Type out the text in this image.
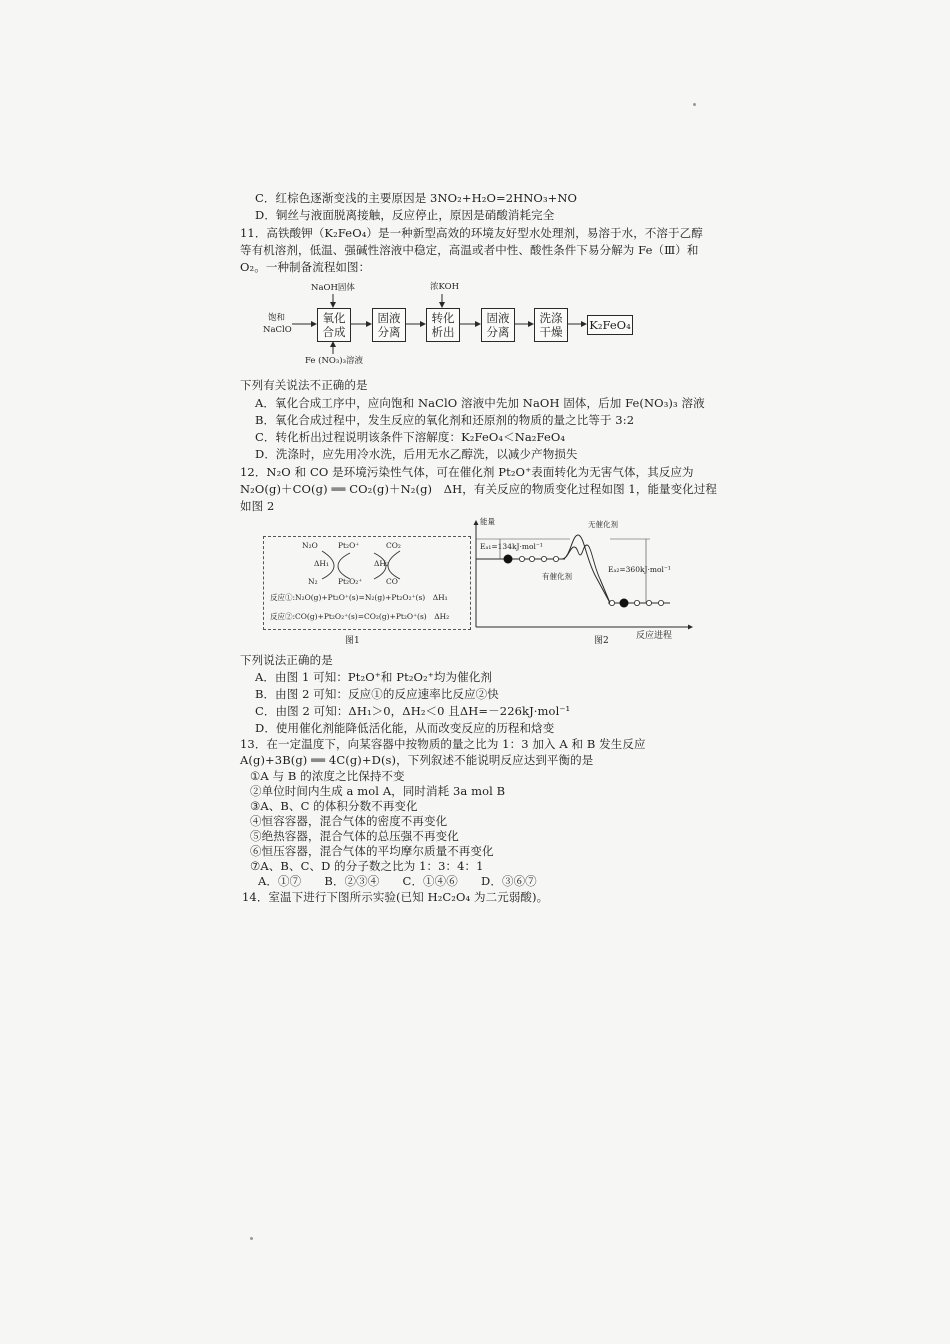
C．红棕色逐渐变浅的主要原因是 3NO₂+H₂O=2HNO₃+NO
D．铜丝与液面脱离接触，反应停止，原因是硝酸消耗完全
11．高铁酸钾（K₂FeO₄）是一种新型高效的环境友好型水处理剂，易溶于水，不溶于乙醇
等有机溶剂，低温、强碱性溶液中稳定，高温或者中性、酸性条件下易分解为 Fe（Ⅲ）和
O₂。一种制备流程如图：
饱和
NaClO
NaOH固体	浓KOH
Fe (NO₃)₃溶液
氧化
合成
固液
分离
转化
析出
固液
分离
洗涤
干燥 K₂FeO₄
下列有关说法不正确的是
A．氧化合成工序中，应向饱和 NaClO 溶液中先加 NaOH 固体，后加 Fe(NO₃)₃ 溶液
B．氧化合成过程中，发生反应的氧化剂和还原剂的物质的量之比等于 3:2
C．转化析出过程说明该条件下溶解度：K₂FeO₄＜Na₂FeO₄
D．洗涤时，应先用冷水洗，后用无水乙醇洗，以减少产物损失
12．N₂O 和 CO 是环境污染性气体，可在催化剂 Pt₂O⁺表面转化为无害气体，其反应为
N₂O(g)＋CO(g) ══ CO₂(g)＋N₂(g)　ΔH，有关反应的物质变化过程如图 1，能量变化过程
如图 2
N₂O	Pt₂O⁺	CO₂
ΔH₁	ΔH₂
N₂	Pt₂O₂⁺	CO
反应①:N₂O(g)+Pt₂O⁺(s)=N₂(g)+Pt₂O₂⁺(s)　ΔH₁
反应②:CO(g)+Pt₂O₂⁺(s)=CO₂(g)+Pt₂O⁺(s)　ΔH₂
图1
能量	无催化剂
Eₐ₁=134kJ·mol⁻¹
有催化剂
Eₐ₂=360kJ·mol⁻¹
图2	反应进程
下列说法正确的是
A．由图 1 可知：Pt₂O⁺和 Pt₂O₂⁺均为催化剂
B．由图 2 可知：反应①的反应速率比反应②快
C．由图 2 可知：ΔH₁＞0，ΔH₂＜0 且ΔH=－226kJ·mol⁻¹
D．使用催化剂能降低活化能，从而改变反应的历程和焓变
13．在一定温度下，向某容器中按物质的量之比为 1：3 加入 A 和 B 发生反应
A(g)+3B(g) ══ 4C(g)+D(s)，下列叙述不能说明反应达到平衡的是
①A 与 B 的浓度之比保持不变
②单位时间内生成 a mol A，同时消耗 3a mol B
③A、B、C 的体积分数不再变化
④恒容容器，混合气体的密度不再变化
⑤绝热容器，混合气体的总压强不再变化
⑥恒压容器，混合气体的平均摩尔质量不再变化
⑦A、B、C、D 的分子数之比为 1：3：4：1
A．①⑦　　B．②③④　　C．①④⑥　　D．③⑥⑦
14．室温下进行下图所示实验(已知 H₂C₂O₄ 为二元弱酸)。
